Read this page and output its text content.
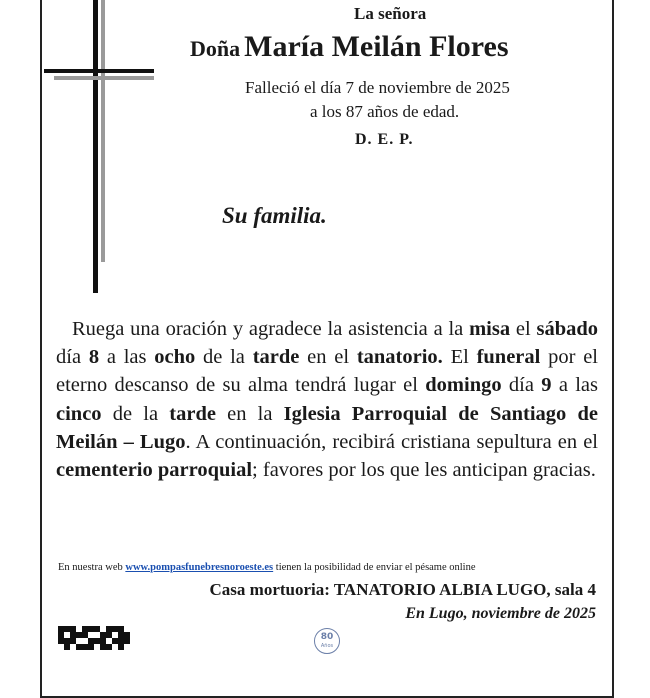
La señora
Doña María Meilán Flores
Falleció el día 7 de noviembre de 2025
a los 87 años de edad.
D. E. P.
Su familia.
Ruega una oración y agradece la asistencia a la misa el sábado día 8 a las ocho de la tarde en el tanatorio. El funeral por el eterno descanso de su alma tendrá lugar el domingo día 9 a las cinco de la tarde en la Iglesia Parroquial de Santiago de Meilán – Lugo. A continuación, recibirá cristiana sepultura en el cementerio parroquial; favores por los que les anticipan gracias.
En nuestra web www.pompasfunebresnoroeste.es tienen la posibilidad de enviar el pésame online
Casa mortuoria: TANATORIO ALBIA LUGO, sala 4
En Lugo, noviembre de 2025
80
Años
